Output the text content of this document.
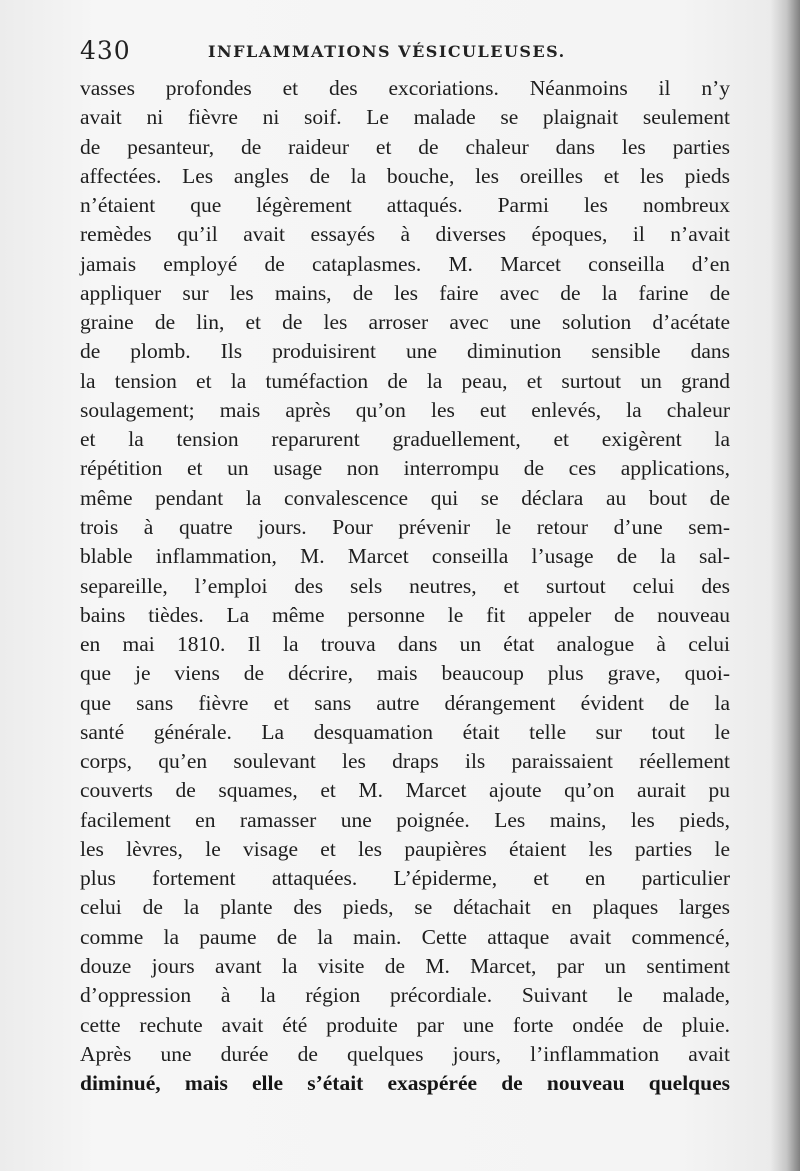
430	INFLAMMATIONS VÉSICULEUSES.
vasses profondes et des excoriations. Néanmoins il n’y
avait ni fièvre ni soif. Le malade se plaignait seulement
de pesanteur, de raideur et de chaleur dans les parties
affectées. Les angles de la bouche, les oreilles et les pieds
n’étaient que légèrement attaqués. Parmi les nombreux
remèdes qu’il avait essayés à diverses époques, il n’avait
jamais employé de cataplasmes. M. Marcet conseilla d’en
appliquer sur les mains, de les faire avec de la farine de
graine de lin, et de les arroser avec une solution d’acétate
de plomb. Ils produisirent une diminution sensible dans
la tension et la tuméfaction de la peau, et surtout un grand
soulagement; mais après qu’on les eut enlevés, la chaleur
et la tension reparurent graduellement, et exigèrent la
répétition et un usage non interrompu de ces applications,
même pendant la convalescence qui se déclara au bout de
trois à quatre jours. Pour prévenir le retour d’une sem-
blable inflammation, M. Marcet conseilla l’usage de la sal-
separeille, l’emploi des sels neutres, et surtout celui des
bains tièdes. La même personne le fit appeler de nouveau
en mai 1810. Il la trouva dans un état analogue à celui
que je viens de décrire, mais beaucoup plus grave, quoi-
que sans fièvre et sans autre dérangement évident de la
santé générale. La desquamation était telle sur tout le
corps, qu’en soulevant les draps ils paraissaient réellement
couverts de squames, et M. Marcet ajoute qu’on aurait pu
facilement en ramasser une poignée. Les mains, les pieds,
les lèvres, le visage et les paupières étaient les parties le
plus fortement attaquées. L’épiderme, et en particulier
celui de la plante des pieds, se détachait en plaques larges
comme la paume de la main. Cette attaque avait commencé,
douze jours avant la visite de M. Marcet, par un sentiment
d’oppression à la région précordiale. Suivant le malade,
cette rechute avait été produite par une forte ondée de pluie.
Après une durée de quelques jours, l’inflammation avait
diminué, mais elle s’était exaspérée de nouveau quelques
